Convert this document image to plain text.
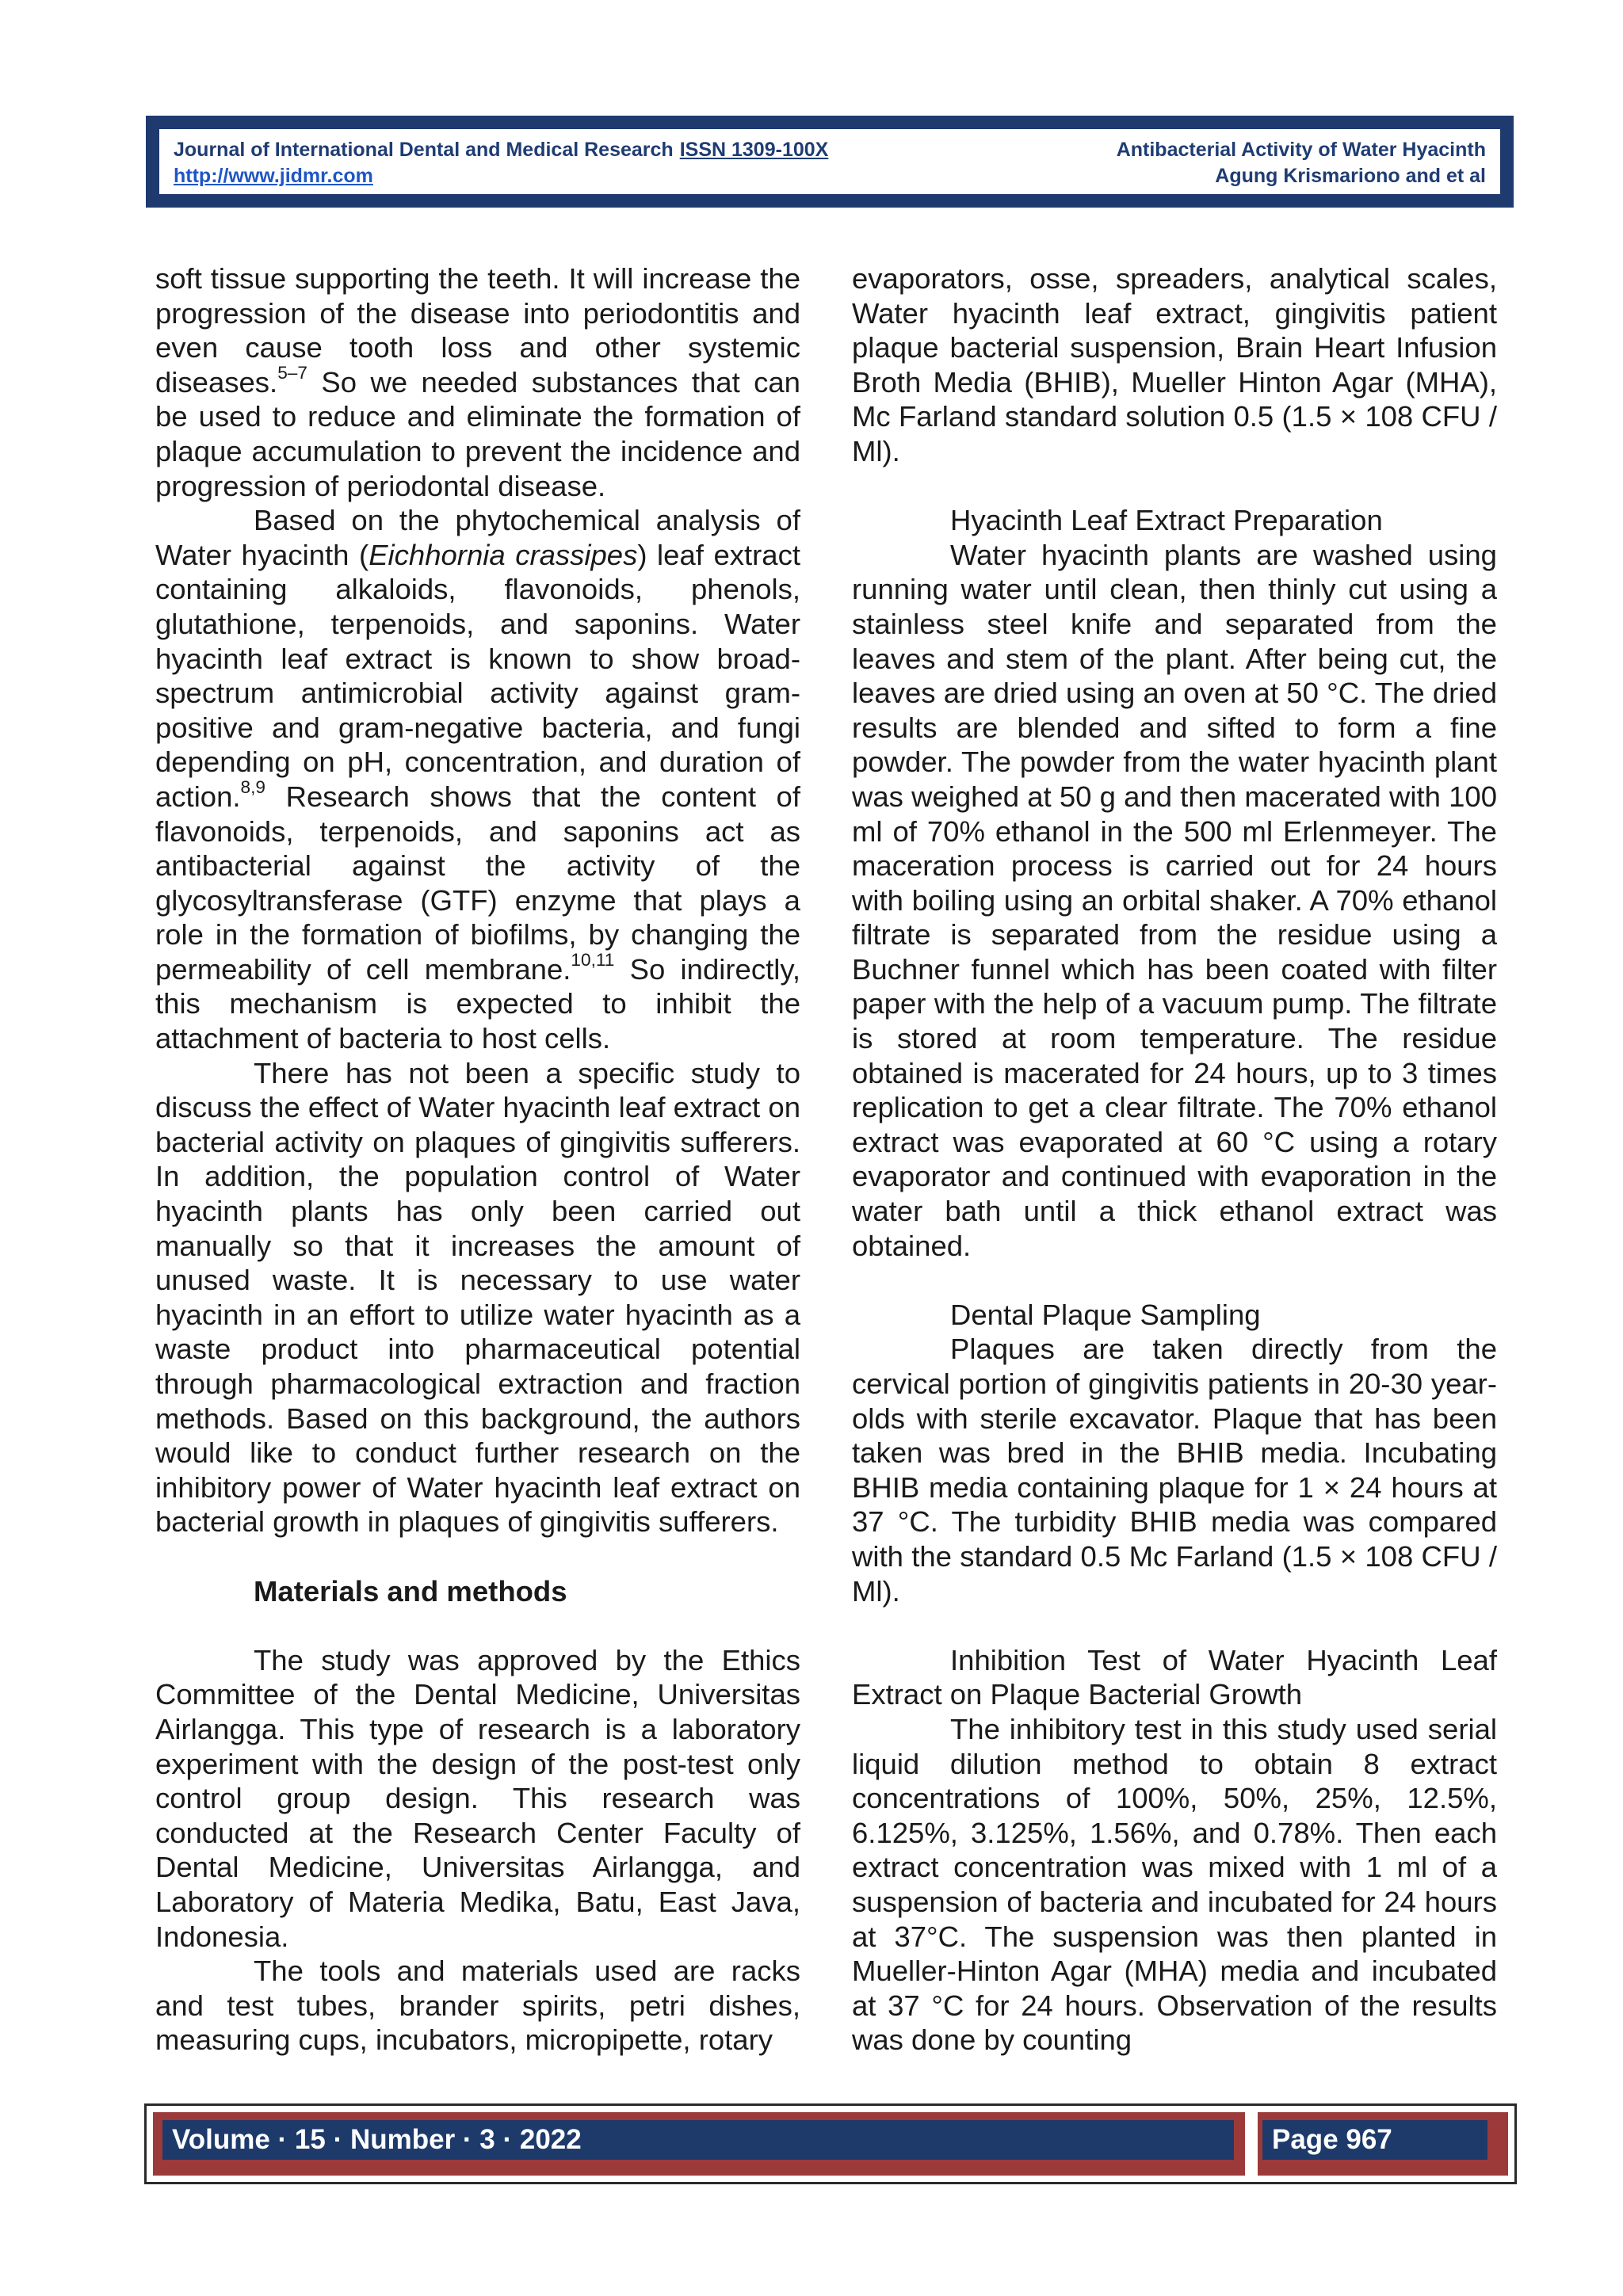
Journal of International Dental and Medical Research ISSN 1309-100X	Antibacterial Activity of Water Hyacinth
http://www.jidmr.com	Agung Krismariono and et al

soft tissue supporting the teeth. It will increase the progression of the disease into periodontitis and even cause tooth loss and other systemic diseases.$^{5-7}$ So we needed substances that can be used to reduce and eliminate the formation of plaque accumulation to prevent the incidence and progression of periodontal disease.

Based on the phytochemical analysis of Water hyacinth (Eichhornia crassipes) leaf extract containing alkaloids, flavonoids, phenols, glutathione, terpenoids, and saponins. Water hyacinth leaf extract is known to show broad-spectrum antimicrobial activity against gram-positive and gram-negative bacteria, and fungi depending on pH, concentration, and duration of action.$^{8,9}$ Research shows that the content of flavonoids, terpenoids, and saponins act as antibacterial against the activity of the glycosyltransferase (GTF) enzyme that plays a role in the formation of biofilms, by changing the permeability of cell membrane.$^{10,11}$ So indirectly, this mechanism is expected to inhibit the attachment of bacteria to host cells.

There has not been a specific study to discuss the effect of Water hyacinth leaf extract on bacterial activity on plaques of gingivitis sufferers. In addition, the population control of Water hyacinth plants has only been carried out manually so that it increases the amount of unused waste. It is necessary to use water hyacinth in an effort to utilize water hyacinth as a waste product into pharmaceutical potential through pharmacological extraction and fraction methods. Based on this background, the authors would like to conduct further research on the inhibitory power of Water hyacinth leaf extract on bacterial growth in plaques of gingivitis sufferers.

Materials and methods

The study was approved by the Ethics Committee of the Dental Medicine, Universitas Airlangga. This type of research is a laboratory experiment with the design of the post-test only control group design. This research was conducted at the Research Center Faculty of Dental Medicine, Universitas Airlangga, and Laboratory of Materia Medika, Batu, East Java, Indonesia.

The tools and materials used are racks and test tubes, brander spirits, petri dishes, measuring cups, incubators, micropipette, rotary

evaporators, osse, spreaders, analytical scales, Water hyacinth leaf extract, gingivitis patient plaque bacterial suspension, Brain Heart Infusion Broth Media (BHIB), Mueller Hinton Agar (MHA), Mc Farland standard solution 0.5 (1.5 × 108 CFU / Ml).

Hyacinth Leaf Extract Preparation

Water hyacinth plants are washed using running water until clean, then thinly cut using a stainless steel knife and separated from the leaves and stem of the plant. After being cut, the leaves are dried using an oven at 50 °C. The dried results are blended and sifted to form a fine powder. The powder from the water hyacinth plant was weighed at 50 g and then macerated with 100 ml of 70% ethanol in the 500 ml Erlenmeyer. The maceration process is carried out for 24 hours with boiling using an orbital shaker. A 70% ethanol filtrate is separated from the residue using a Buchner funnel which has been coated with filter paper with the help of a vacuum pump. The filtrate is stored at room temperature. The residue obtained is macerated for 24 hours, up to 3 times replication to get a clear filtrate. The 70% ethanol extract was evaporated at 60 °C using a rotary evaporator and continued with evaporation in the water bath until a thick ethanol extract was obtained.

Dental Plaque Sampling

Plaques are taken directly from the cervical portion of gingivitis patients in 20-30 year-olds with sterile excavator. Plaque that has been taken was bred in the BHIB media. Incubating BHIB media containing plaque for 1 × 24 hours at 37 °C. The turbidity BHIB media was compared with the standard 0.5 Mc Farland (1.5 × 108 CFU / Ml).

Inhibition Test of Water Hyacinth Leaf Extract on Plaque Bacterial Growth

The inhibitory test in this study used serial liquid dilution method to obtain 8 extract concentrations of 100%, 50%, 25%, 12.5%, 6.125%, 3.125%, 1.56%, and 0.78%. Then each extract concentration was mixed with 1 ml of a suspension of bacteria and incubated for 24 hours at 37°C. The suspension was then planted in Mueller-Hinton Agar (MHA) media and incubated at 37 °C for 24 hours. Observation of the results was done by counting

Volume · 15 · Number · 3 · 2022	Page 967
